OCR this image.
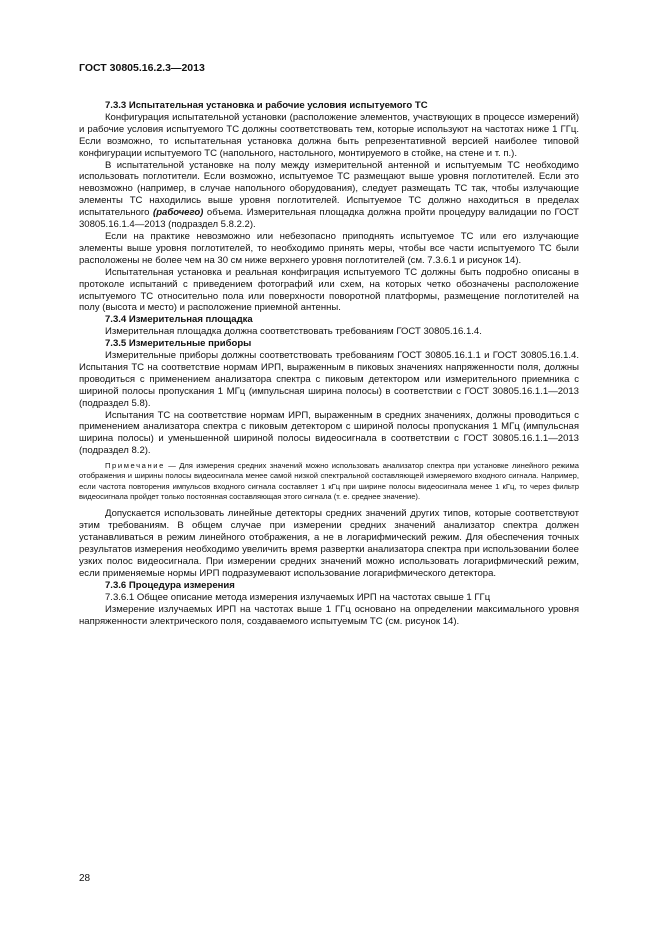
ГОСТ 30805.16.2.3—2013

7.3.3 Испытательная установка и рабочие условия испытуемого ТС

Конфигурация испытательной установки (расположение элементов, участвующих в процессе измерений) и рабочие условия испытуемого ТС должны соответствовать тем, которые используют на частотах ниже 1 ГГц. Если возможно, то испытательная установка должна быть репрезентативной версией наиболее типовой конфигурации испытуемого ТС (напольного, настольного, монтируемого в стойке, на стене и т. п.).

В испытательной установке на полу между измерительной антенной и испытуемым ТС необходимо использовать поглотители. Если возможно, испытуемое ТС размещают выше уровня поглотителей. Если это невозможно (например, в случае напольного оборудования), следует размещать ТС так, чтобы излучающие элементы ТС находились выше уровня поглотителей. Испытуемое ТС должно находиться в пределах испытательного (рабочего) объема. Измерительная площадка должна пройти процедуру валидации по ГОСТ 30805.16.1.4—2013 (подраздел 5.8.2.2).

Если на практике невозможно или небезопасно приподнять испытуемое ТС или его излучающие элементы выше уровня поглотителей, то необходимо принять меры, чтобы все части испытуемого ТС были расположены не более чем на 30 см ниже верхнего уровня поглотителей (см. 7.3.6.1 и рисунок 14).

Испытательная установка и реальная конфиграция испытуемого ТС должны быть подробно описаны в протоколе испытаний с приведением фотографий или схем, на которых четко обозначены расположение испытуемого ТС относительно пола или поверхности поворотной платформы, размещение поглотителей на полу (высота и место) и расположение приемной антенны.

7.3.4 Измерительная площадка

Измерительная площадка должна соответствовать требованиям ГОСТ 30805.16.1.4.

7.3.5 Измерительные приборы

Измерительные приборы должны соответствовать требованиям ГОСТ 30805.16.1.1 и ГОСТ 30805.16.1.4. Испытания ТС на соответствие нормам ИРП, выраженным в пиковых значениях напряженности поля, должны проводиться с применением анализатора спектра с пиковым детектором или измерительного приемника с шириной полосы пропускания 1 МГц (импульсная ширина полосы) в соответствии с ГОСТ 30805.16.1.1—2013 (подраздел 5.8).

Испытания ТС на соответствие нормам ИРП, выраженным в средних значениях, должны проводиться с применением анализатора спектра с пиковым детектором с шириной полосы пропускания 1 МГц (импульсная ширина полосы) и уменьшенной шириной полосы видеосигнала в соответствии с ГОСТ 30805.16.1.1—2013 (подраздел 8.2).

Примечание — Для измерения средних значений можно использовать анализатор спектра при установке линейного режима отображения и ширины полосы видеосигнала менее самой низкой спектральной составляющей измеряемого входного сигнала. Например, если частота повторения импульсов входного сигнала составляет 1 кГц при ширине полосы видеосигнала менее 1 кГц, то через фильтр видеосигнала пройдет только постоянная составляющая этого сигнала (т. е. среднее значение).

Допускается использовать линейные детекторы средних значений других типов, которые соответствуют этим требованиям. В общем случае при измерении средних значений анализатор спектра должен устанавливаться в режим линейного отображения, а не в логарифмический режим. Для обеспечения точных результатов измерения необходимо увеличить время развертки анализатора спектра при использовании более узких полос видеосигнала. При измерении средних значений можно использовать логарифмический режим, если применяемые нормы ИРП подразумевают использование логарифмического детектора.

7.3.6 Процедура измерения

7.3.6.1 Общее описание метода измерения излучаемых ИРП на частотах свыше 1 ГГц

Измерение излучаемых ИРП на частотах выше 1 ГГц основано на определении максимального уровня напряженности электрического поля, создаваемого испытуемым ТС (см. рисунок 14).

28
